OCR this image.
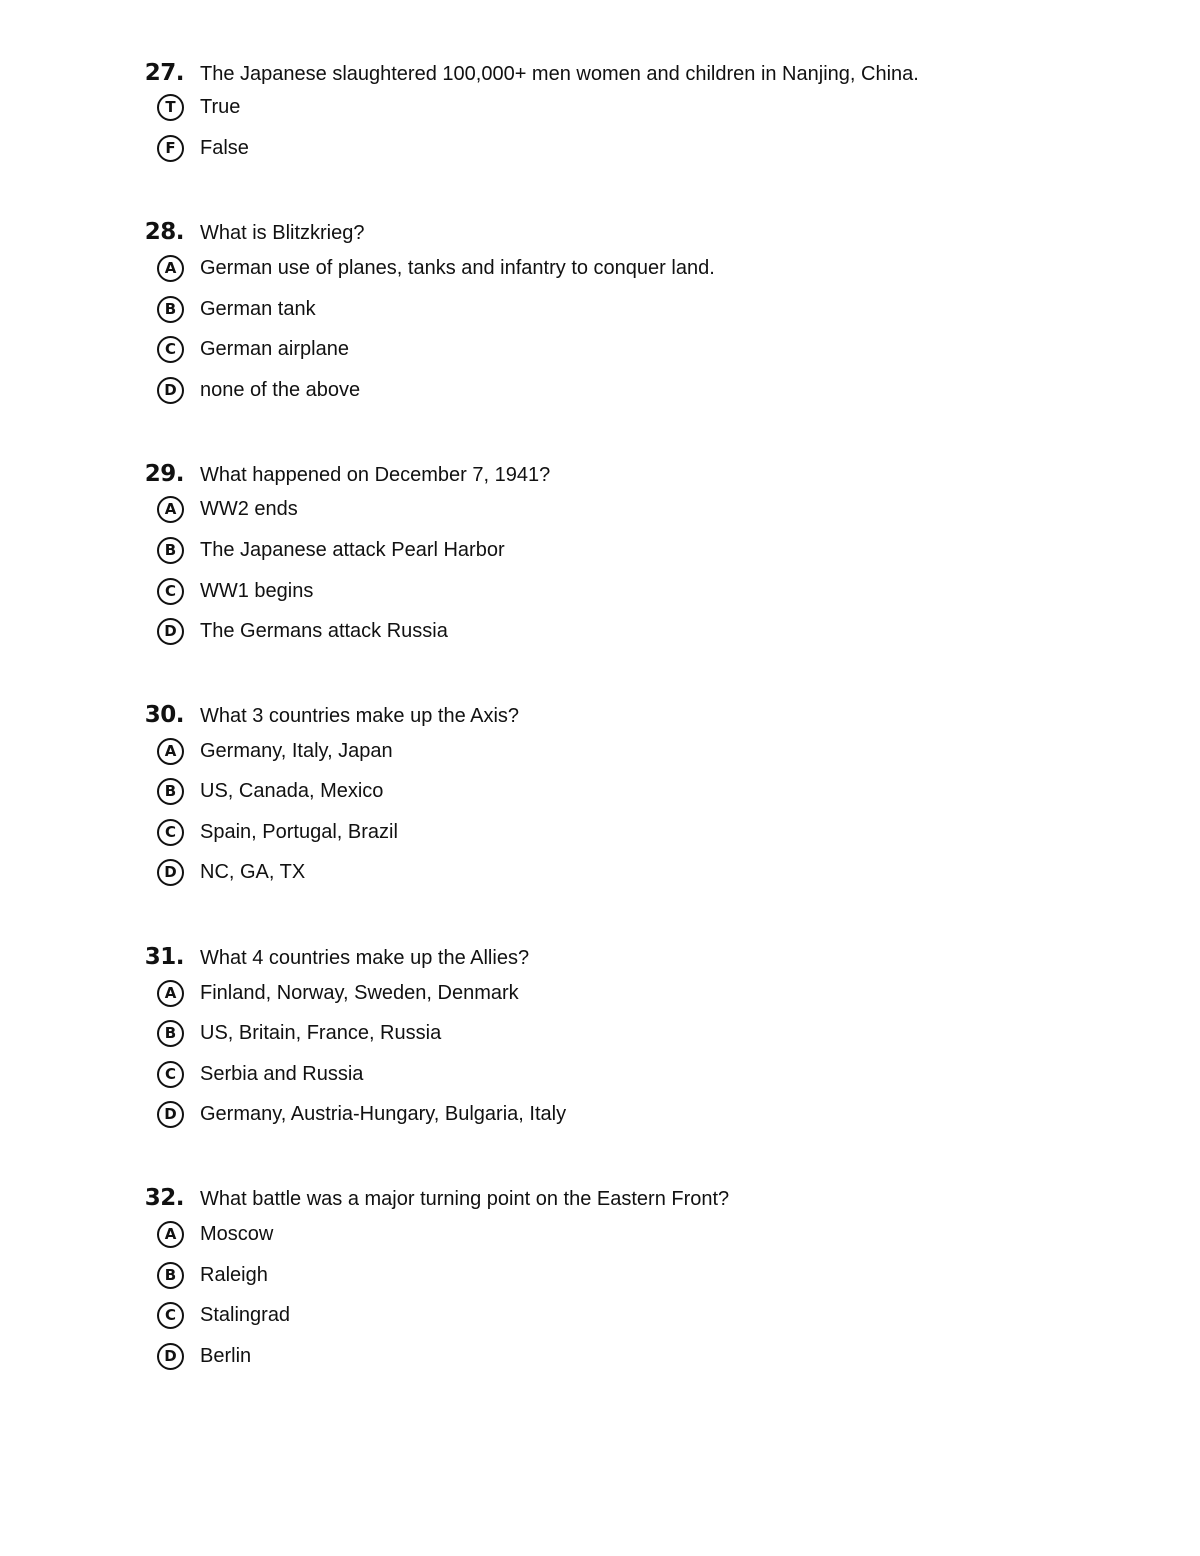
27. The Japanese slaughtered 100,000+ men women and children in Nanjing, China.
T	True
F	False
28. What is Blitzkrieg?
A	German use of planes, tanks and infantry to conquer land.
B	German tank
C	German airplane
D	none of the above
29. What happened on December 7, 1941?
A	WW2 ends
B	The Japanese attack Pearl Harbor
C	WW1 begins
D	The Germans attack Russia
30. What 3 countries make up the Axis?
A	Germany, Italy, Japan
B	US, Canada, Mexico
C	Spain, Portugal, Brazil
D	NC, GA, TX
31. What 4 countries make up the Allies?
A	Finland, Norway, Sweden, Denmark
B	US, Britain, France, Russia
C	Serbia and Russia
D	Germany, Austria-Hungary, Bulgaria, Italy
32. What battle was a major turning point on the Eastern Front?
A	Moscow
B	Raleigh
C	Stalingrad
D	Berlin
